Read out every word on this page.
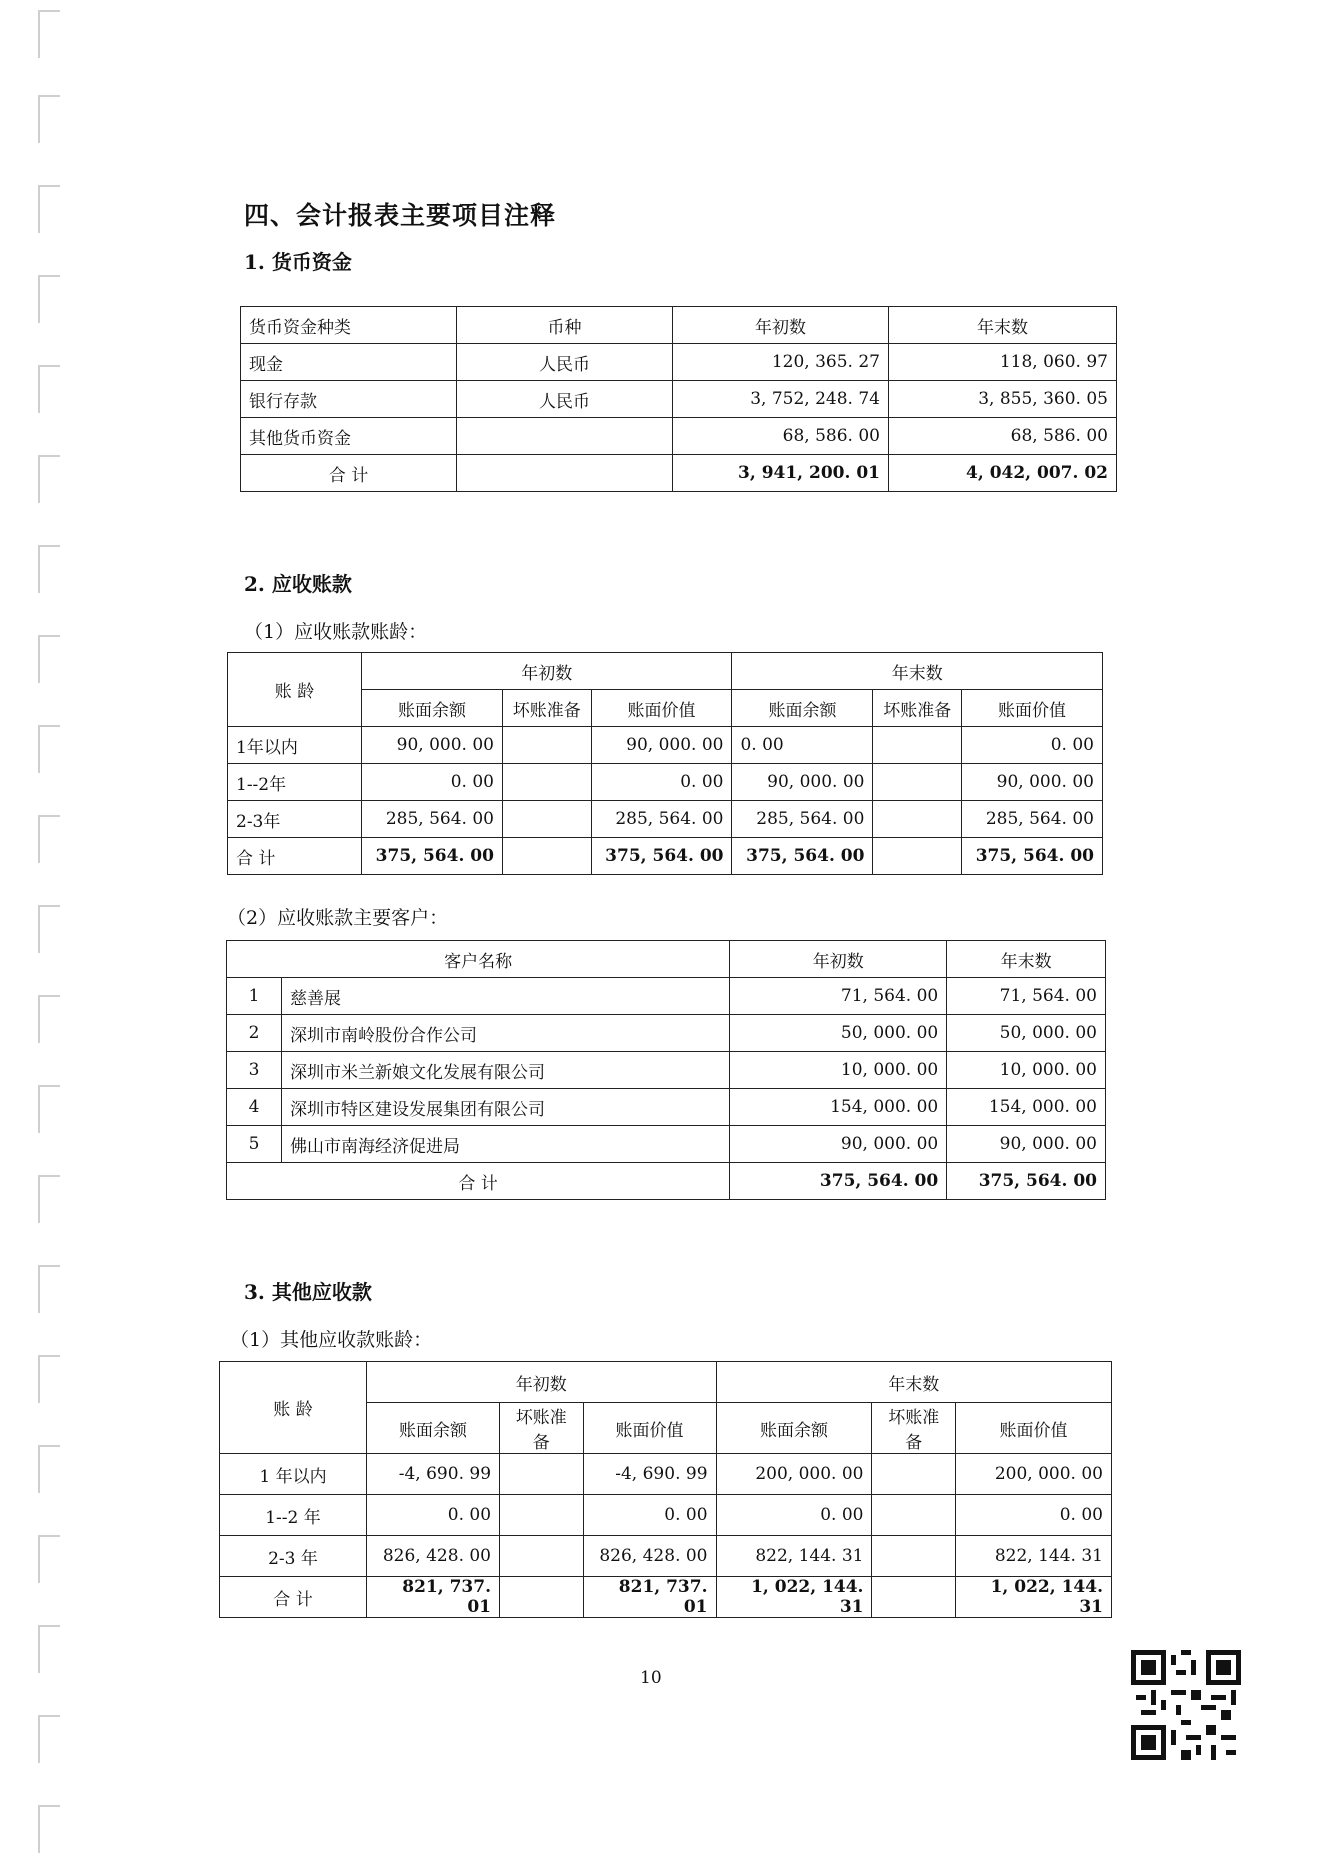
四、会计报表主要项目注释
1. 货币资金
货币资金种类	币种	年初数	年末数
现金	人民币	120, 365. 27	118, 060. 97
银行存款	人民币	3, 752, 248. 74	3, 855, 360. 05
其他货币资金		68, 586. 00	68, 586. 00
合 计		3, 941, 200. 01	4, 042, 007. 02
2. 应收账款
（1）应收账款账龄：
账 龄	年初数			年末数		
	账面余额	坏账准备	账面价值	账面余额	坏账准备	账面价值
1年以内	90, 000. 00		90, 000. 00	0. 00		0. 00
1--2年	0. 00		0. 00	90, 000. 00		90, 000. 00
2-3年	285, 564. 00		285, 564. 00	285, 564. 00		285, 564. 00
合 计	375, 564. 00		375, 564. 00	375, 564. 00		375, 564. 00
（2）应收账款主要客户：
客户名称		年初数	年末数
1	慈善展	71, 564. 00	71, 564. 00
2	深圳市南岭股份合作公司	50, 000. 00	50, 000. 00
3	深圳市米兰新娘文化发展有限公司	10, 000. 00	10, 000. 00
4	深圳市特区建设发展集团有限公司	154, 000. 00	154, 000. 00
5	佛山市南海经济促进局	90, 000. 00	90, 000. 00
合 计		375, 564. 00	375, 564. 00
3. 其他应收款
（1）其他应收款账龄：
账 龄	年初数			年末数		
	账面余额	坏账准备	账面价值	账面余额	坏账准备	账面价值
1 年以内	-4, 690. 99		-4, 690. 99	200, 000. 00		200, 000. 00
1--2 年	0. 00		0. 00	0. 00		0. 00
2-3 年	826, 428. 00		826, 428. 00	822, 144. 31		822, 144. 31
合 计	821, 737. 01		821, 737. 01	1, 022, 144. 31		1, 022, 144. 31
10
